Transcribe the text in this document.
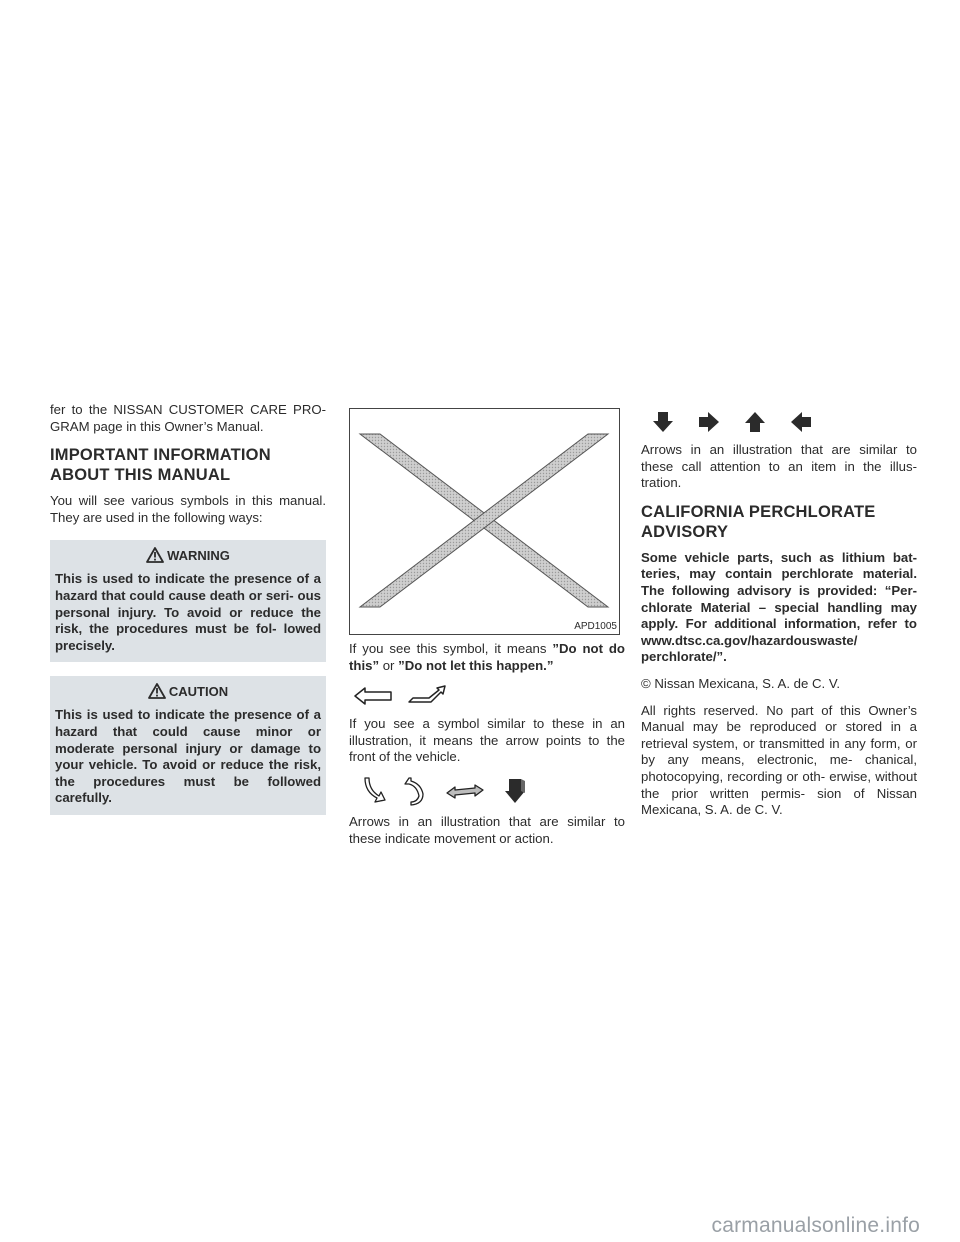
fer to the NISSAN CUSTOMER CARE PRO- GRAM page in this Owner’s Manual.

IMPORTANT INFORMATION ABOUT THIS MANUAL

You will see various symbols in this manual. They are used in the following ways:

WARNING

This is used to indicate the presence of a hazard that could cause death or seri- ous personal injury. To avoid or reduce the risk, the procedures must be fol- lowed precisely.

CAUTION

This is used to indicate the presence of a hazard that could cause minor or moderate personal injury or damage to your vehicle. To avoid or reduce the risk, the procedures must be followed carefully.

APD1005

If you see this symbol, it means ”Do not do this” or ”Do not let this happen.”

If you see a symbol similar to these in an illustration, it means the arrow points to the front of the vehicle.

Arrows in an illustration that are similar to these indicate movement or action.

Arrows in an illustration that are similar to these call attention to an item in the illus- tration.

CALIFORNIA PERCHLORATE ADVISORY

Some vehicle parts, such as lithium bat- teries, may contain perchlorate material. The following advisory is provided: “Per- chlorate Material – special handling may apply. For additional information, refer to www.dtsc.ca.gov/hazardouswaste/ perchlorate/”.

© Nissan Mexicana, S. A. de C. V.

All rights reserved. No part of this Owner’s Manual may be reproduced or stored in a retrieval system, or transmitted in any form, or by any means, electronic, me- chanical, photocopying, recording or oth- erwise, without the prior written permis- sion of Nissan Mexicana, S. A. de C. V.

carmanualsonline.info
